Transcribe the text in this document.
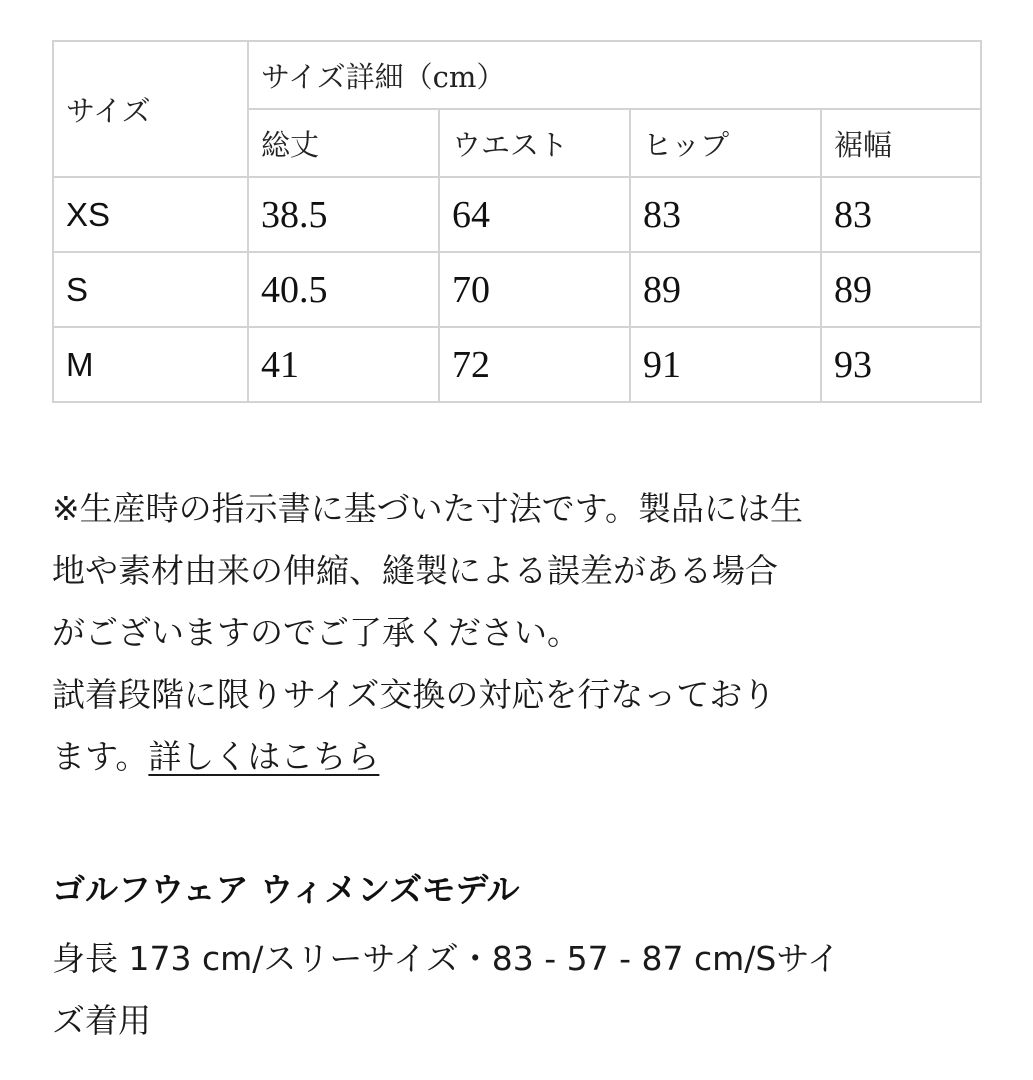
サイズ	サイズ詳細（cm）			
	総丈	ウエスト	ヒップ	裾幅
XS	38.5	64	83	83
S	40.5	70	89	89
M	41	72	91	93

※生産時の指示書に基づいた寸法です。製品には生
地や素材由来の伸縮、縫製による誤差がある場合
がございますのでご了承ください。
試着段階に限りサイズ交換の対応を行なっており
ます。詳しくはこちら

ゴルフウェア ウィメンズモデル

身長 173 cm/スリーサイズ・83 - 57 - 87 cm/Sサイ
ズ着用
